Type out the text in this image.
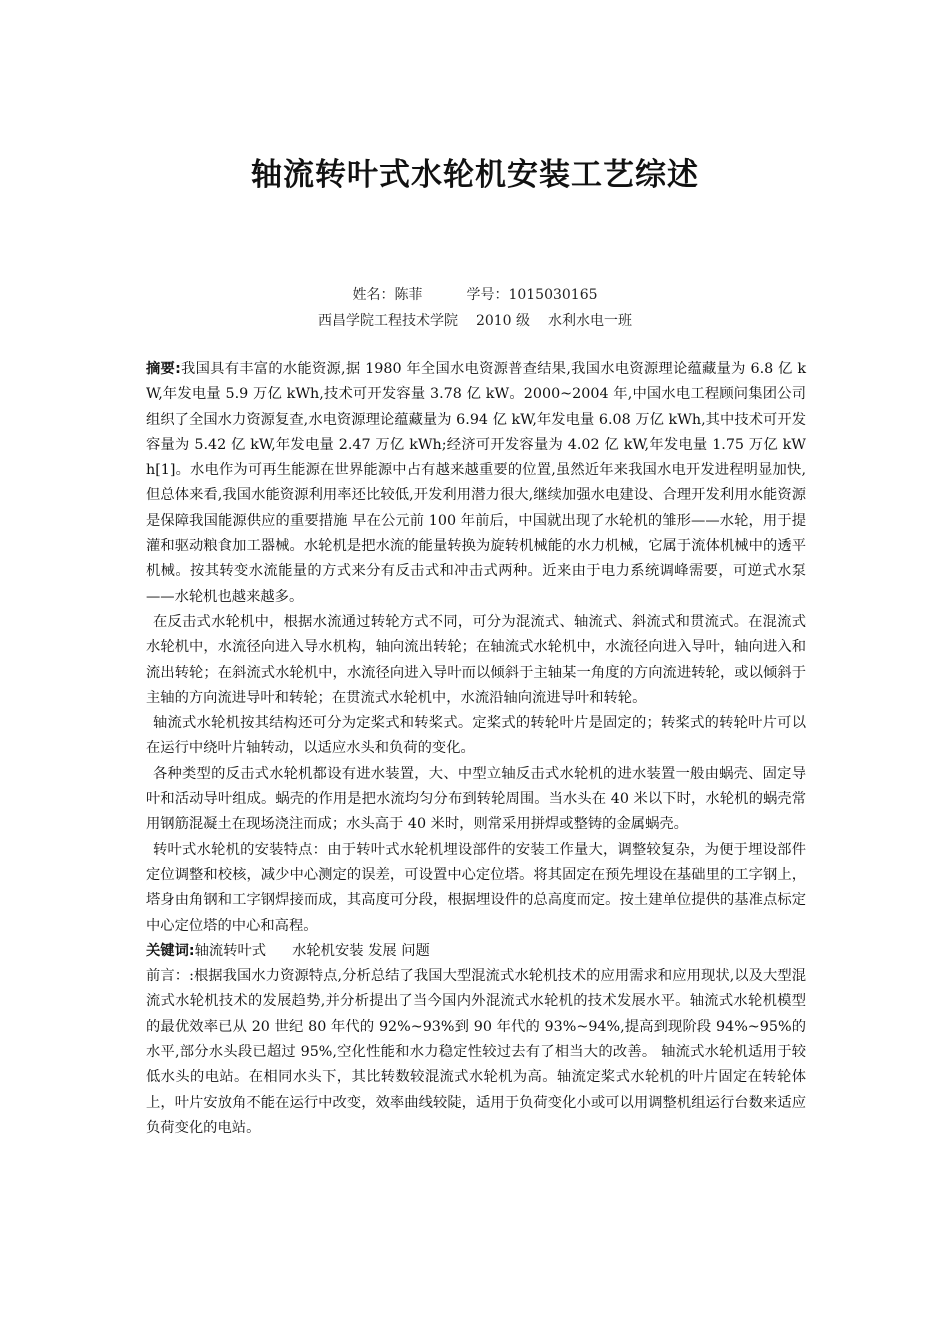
轴流转叶式水轮机安装工艺综述
姓名：陈菲	学号：1015030165
西昌学院工程技术学院 2010 级 水利水电一班

摘要:我国具有丰富的水能资源,据 1980 年全国水电资源普查结果,我国水电资源理论蕴藏量为 6.8 亿 kW,年发电量 5.9 万亿 kWh,技术可开发容量 3.78 亿 kW。2000~2004 年,中国水电工程顾问集团公司组织了全国水力资源复查,水电资源理论蕴藏量为 6.94 亿 kW,年发电量 6.08 万亿 kWh,其中技术可开发容量为 5.42 亿 kW,年发电量 2.47 万亿 kWh;经济可开发容量为 4.02 亿 kW,年发电量 1.75 万亿 kWh[1]。水电作为可再生能源在世界能源中占有越来越重要的位置,虽然近年来我国水电开发进程明显加快,但总体来看,我国水能资源利用率还比较低,开发利用潜力很大,继续加强水电建设、合理开发利用水能资源是保障我国能源供应的重要措施 早在公元前 100 年前后，中国就出现了水轮机的雏形——水轮，用于提灌和驱动粮食加工器械。水轮机是把水流的能量转换为旋转机械能的水力机械，它属于流体机械中的透平机械。按其转变水流能量的方式来分有反击式和冲击式两种。近来由于电力系统调峰需要，可逆式水泵——水轮机也越来越多。

在反击式水轮机中，根据水流通过转轮方式不同，可分为混流式、轴流式、斜流式和贯流式。在混流式水轮机中，水流径向进入导水机构，轴向流出转轮；在轴流式水轮机中，水流径向进入导叶，轴向进入和流出转轮；在斜流式水轮机中，水流径向进入导叶而以倾斜于主轴某一角度的方向流进转轮，或以倾斜于主轴的方向流进导叶和转轮；在贯流式水轮机中，水流沿轴向流进导叶和转轮。

轴流式水轮机按其结构还可分为定桨式和转桨式。定桨式的转轮叶片是固定的；转桨式的转轮叶片可以在运行中绕叶片轴转动，以适应水头和负荷的变化。

各种类型的反击式水轮机都设有进水装置，大、中型立轴反击式水轮机的进水装置一般由蜗壳、固定导叶和活动导叶组成。蜗壳的作用是把水流均匀分布到转轮周围。当水头在 40 米以下时，水轮机的蜗壳常用钢筋混凝土在现场浇注而成；水头高于 40 米时，则常采用拼焊或整铸的金属蜗壳。

转叶式水轮机的安装特点：由于转叶式水轮机埋设部件的安装工作量大，调整较复杂，为便于埋设部件定位调整和校核，减少中心测定的误差，可设置中心定位塔。将其固定在预先埋设在基础里的工字钢上，塔身由角钢和工字钢焊接而成，其高度可分段，根据埋设件的总高度而定。按土建单位提供的基准点标定中心定位塔的中心和高程。

关键词:轴流转叶式 水轮机安装 发展 问题

前言：:根据我国水力资源特点,分析总结了我国大型混流式水轮机技术的应用需求和应用现状,以及大型混流式水轮机技术的发展趋势,并分析提出了当今国内外混流式水轮机的技术发展水平。轴流式水轮机模型的最优效率已从 20 世纪 80 年代的 92%~93%到 90 年代的 93%~94%,提高到现阶段 94%~95%的水平,部分水头段已超过 95%,空化性能和水力稳定性较过去有了相当大的改善。 轴流式水轮机适用于较低水头的电站。在相同水头下，其比转数较混流式水轮机为高。轴流定桨式水轮机的叶片固定在转轮体上，叶片安放角不能在运行中改变，效率曲线较陡，适用于负荷变化小或可以用调整机组运行台数来适应负荷变化的电站。
